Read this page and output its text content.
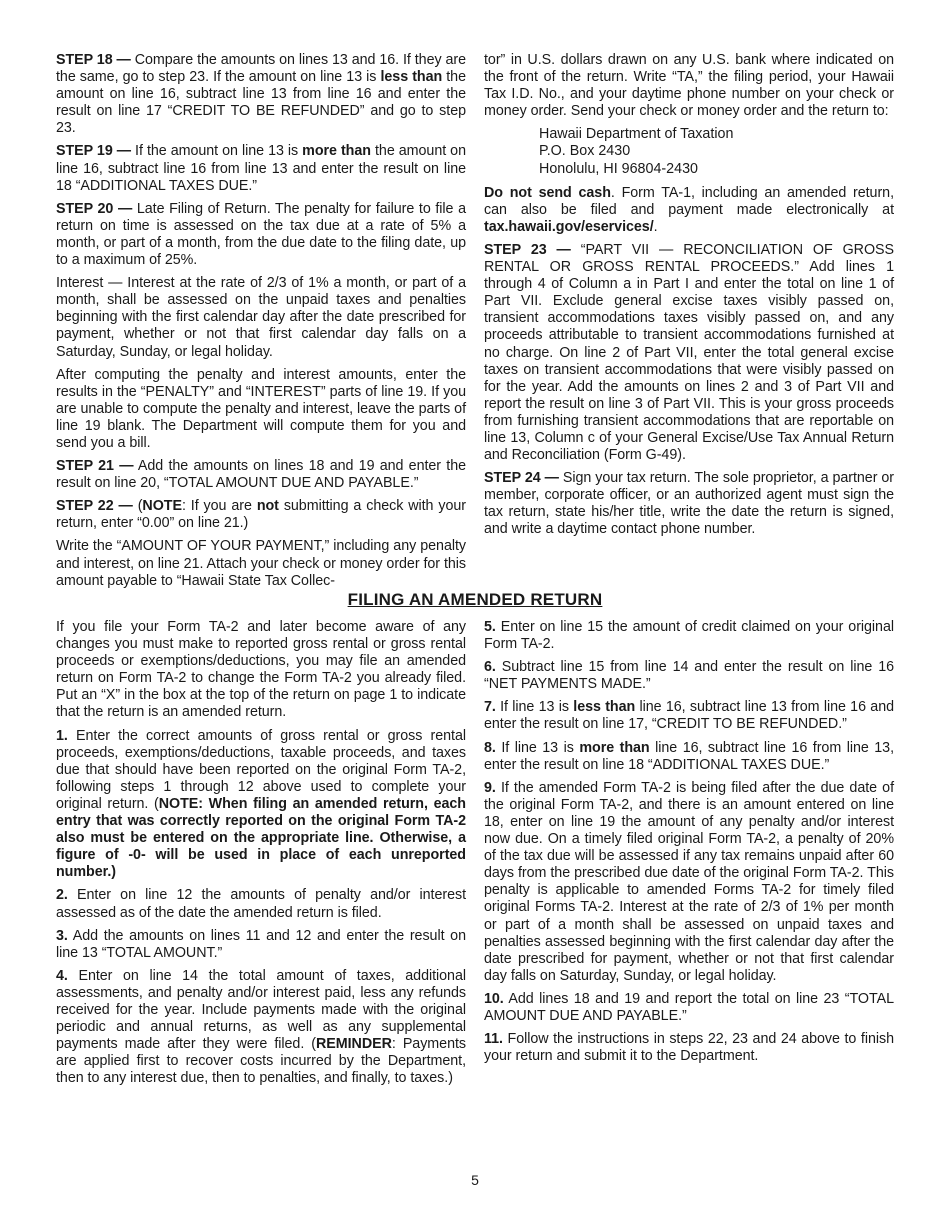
STEP 18 — Compare the amounts on lines 13 and 16. If they are the same, go to step 23. If the amount on line 13 is less than the amount on line 16, subtract line 13 from line 16 and enter the result on line 17 “CREDIT TO BE REFUNDED” and go to step 23.

STEP 19 — If the amount on line 13 is more than the amount on line 16, subtract line 16 from line 13 and enter the result on line 18 “ADDITIONAL TAXES DUE.”

STEP 20 — Late Filing of Return. The penalty for failure to file a return on time is assessed on the tax due at a rate of 5% a month, or part of a month, from the due date to the filing date, up to a maximum of 25%.

Interest — Interest at the rate of 2/3 of 1% a month, or part of a month, shall be assessed on the unpaid taxes and penalties beginning with the first calendar day after the date prescribed for payment, whether or not that first calendar day falls on a Saturday, Sunday, or legal holiday.

After computing the penalty and interest amounts, enter the results in the “PENALTY” and “INTEREST” parts of line 19. If you are unable to compute the penalty and interest, leave the parts of line 19 blank. The Department will compute them for you and send you a bill.

STEP 21 — Add the amounts on lines 18 and 19 and enter the result on line 20, “TOTAL AMOUNT DUE AND PAYABLE.”

STEP 22 — (NOTE: If you are not submitting a check with your return, enter “0.00” on line 21.)

Write the “AMOUNT OF YOUR PAYMENT,” including any penalty and interest, on line 21. Attach your check or money order for this amount payable to “Hawaii State Tax Collec-

tor” in U.S. dollars drawn on any U.S. bank where indicated on the front of the return. Write “TA,” the filing period, your Hawaii Tax I.D. No., and your daytime phone number on your check or money order. Send your check or money order and the return to:

Hawaii Department of Taxation
P.O. Box 2430
Honolulu, HI 96804-2430

Do not send cash. Form TA-1, including an amended return, can also be filed and payment made electronically at tax.hawaii.gov/eservices/.

STEP 23 — “PART VII — RECONCILIATION OF GROSS RENTAL OR GROSS RENTAL PROCEEDS.” Add lines 1 through 4 of Column a in Part I and enter the total on line 1 of Part VII. Exclude general excise taxes visibly passed on, transient accommodations taxes visibly passed on, and any proceeds attributable to transient accommodations furnished at no charge. On line 2 of Part VII, enter the total general excise taxes on transient accommodations that were visibly passed on for the year. Add the amounts on lines 2 and 3 of Part VII and report the result on line 3 of Part VII. This is your gross proceeds from furnishing transient accommodations that are reportable on line 13, Column c of your General Excise/Use Tax Annual Return and Reconciliation (Form G-49).

STEP 24 — Sign your tax return. The sole proprietor, a partner or member, corporate officer, or an authorized agent must sign the tax return, state his/her title, write the date the return is signed, and write a daytime contact phone number.

FILING AN AMENDED RETURN

If you file your Form TA-2 and later become aware of any changes you must make to reported gross rental or gross rental proceeds or exemptions/deductions, you may file an amended return on Form TA-2 to change the Form TA-2 you already filed. Put an “X” in the box at the top of the return on page 1 to indicate that the return is an amended return.

1. Enter the correct amounts of gross rental or gross rental proceeds, exemptions/deductions, taxable proceeds, and taxes due that should have been reported on the original Form TA-2, following steps 1 through 12 above used to complete your original return. (NOTE: When filing an amended return, each entry that was correctly reported on the original Form TA-2 also must be entered on the appropriate line. Otherwise, a figure of -0- will be used in place of each unreported number.)

2. Enter on line 12 the amounts of penalty and/or interest assessed as of the date the amended return is filed.

3. Add the amounts on lines 11 and 12 and enter the result on line 13 “TOTAL AMOUNT.”

4. Enter on line 14 the total amount of taxes, additional assessments, and penalty and/or interest paid, less any refunds received for the year. Include payments made with the original periodic and annual returns, as well as any supplemental payments made after they were filed. (REMINDER: Payments are applied first to recover costs incurred by the Department, then to any interest due, then to penalties, and finally, to taxes.)

5. Enter on line 15 the amount of credit claimed on your original Form TA-2.

6. Subtract line 15 from line 14 and enter the result on line 16 “NET PAYMENTS MADE.”

7. If line 13 is less than line 16, subtract line 13 from line 16 and enter the result on line 17, “CREDIT TO BE REFUNDED.”

8. If line 13 is more than line 16, subtract line 16 from line 13, enter the result on line 18 “ADDITIONAL TAXES DUE.”

9. If the amended Form TA-2 is being filed after the due date of the original Form TA-2, and there is an amount entered on line 18, enter on line 19 the amount of any penalty and/or interest now due. On a timely filed original Form TA-2, a penalty of 20% of the tax due will be assessed if any tax remains unpaid after 60 days from the prescribed due date of the original Form TA-2. This penalty is applicable to amended Forms TA-2 for timely filed original Forms TA-2. Interest at the rate of 2/3 of 1% per month or part of a month shall be assessed on unpaid taxes and penalties assessed beginning with the first calendar day after the date prescribed for payment, whether or not that first calendar day falls on Saturday, Sunday, or legal holiday.

10. Add lines 18 and 19 and report the total on line 23 “TOTAL AMOUNT DUE AND PAYABLE.”

11. Follow the instructions in steps 22, 23 and 24 above to finish your return and submit it to the Department.

5
